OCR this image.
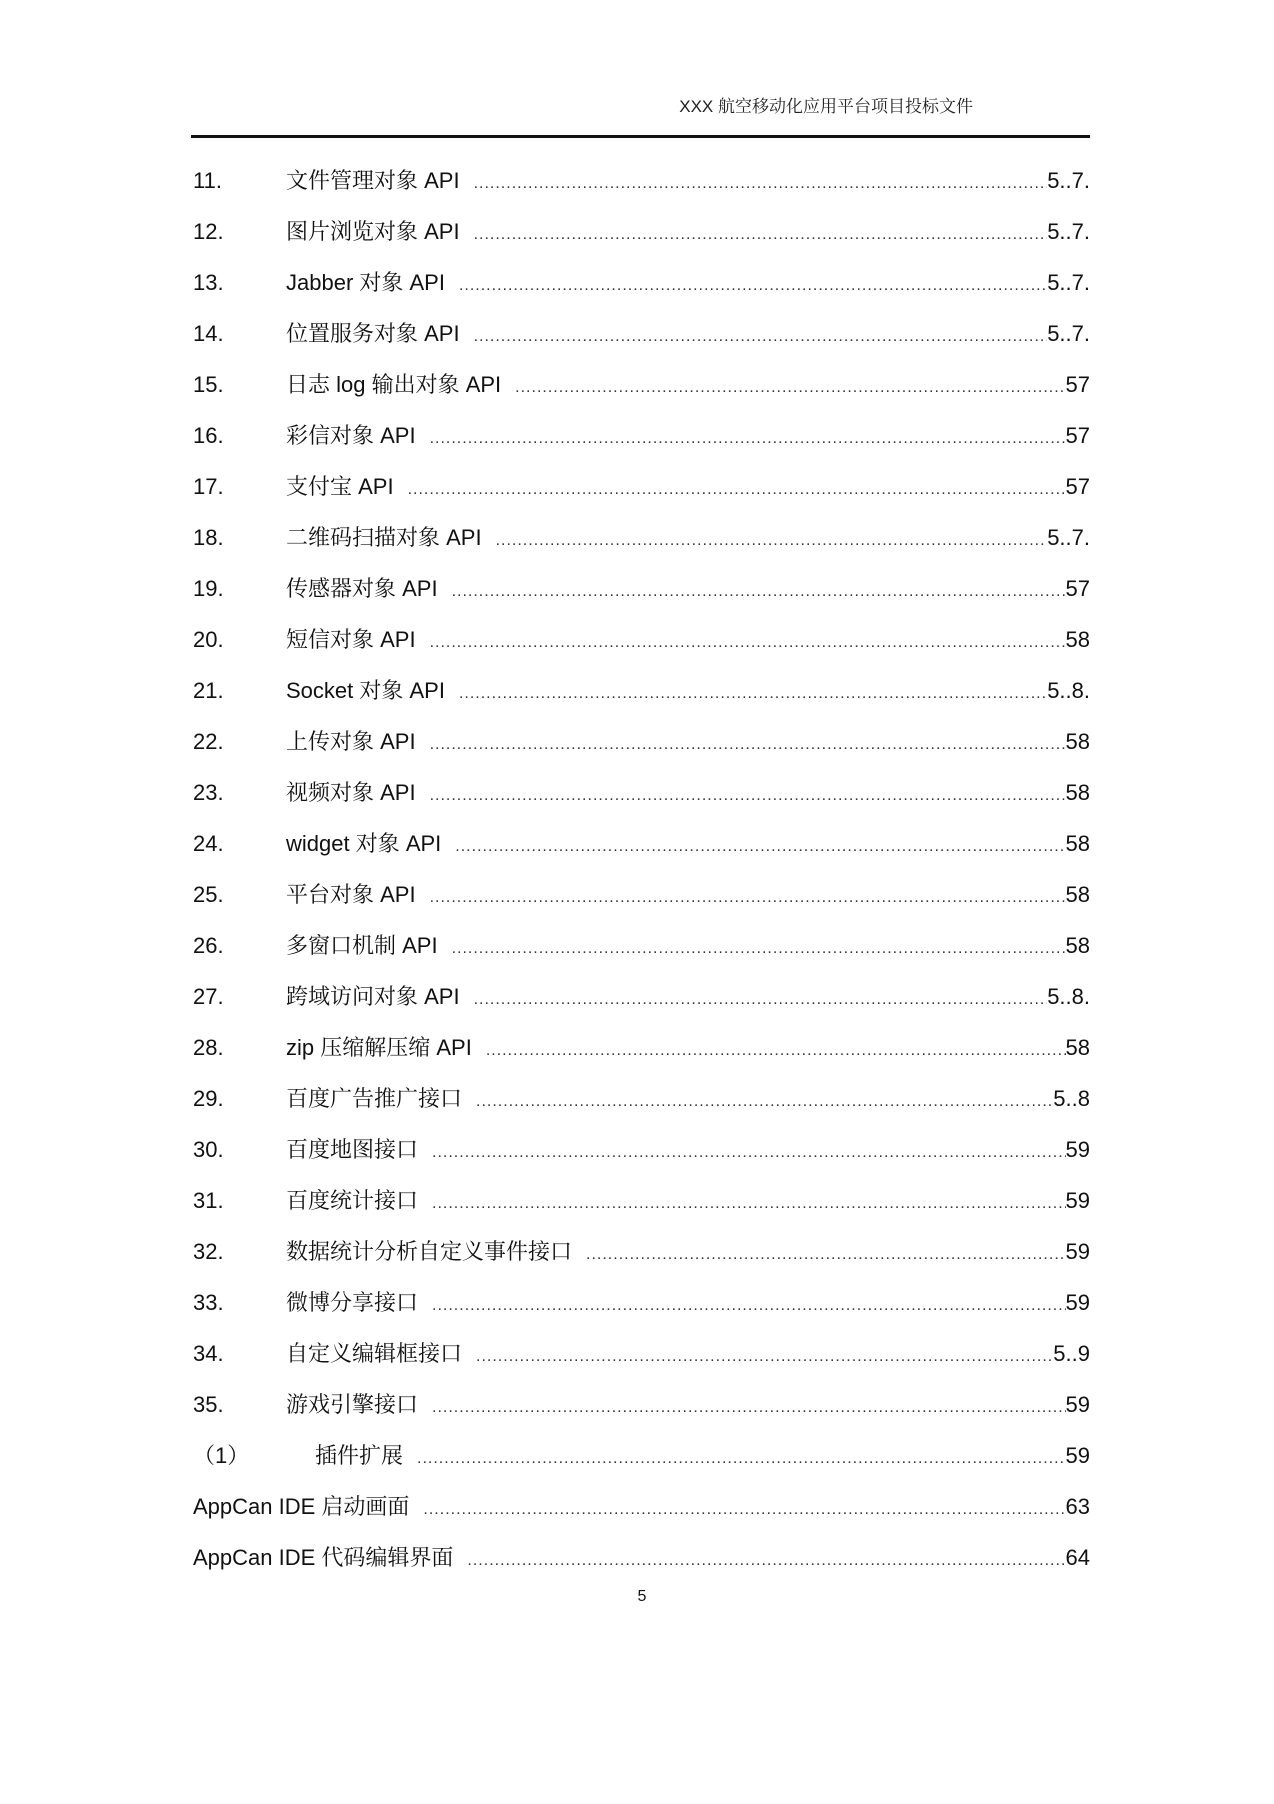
XXX 航空移动化应用平台项目投标文件
11.	文件管理对象 API .....	5..7.
12.	图片浏览对象 API .....	5..7.
13.	Jabber 对象 API .....	5..7.
14.	位置服务对象 API .....	5..7.
15.	日志 log 输出对象 API .....	57
16.	彩信对象 API .....	57
17.	支付宝 API .....	57
18.	二维码扫描对象 API .....	5..7.
19.	传感器对象 API .....	57
20.	短信对象 API .....	58
21.	Socket 对象 API .....	5..8.
22.	上传对象 API .....	58
23.	视频对象 API .....	58
24.	widget 对象 API .....	58
25.	平台对象 API .....	58
26.	多窗口机制 API .....	58
27.	跨域访问对象 API .....	5..8.
28.	zip 压缩解压缩 API .....	58
29.	百度广告推广接口 .....	5..8
30.	百度地图接口 .....	59
31.	百度统计接口 .....	59
32.	数据统计分析自定义事件接口 .....	59
33.	微博分享接口 .....	59
34.	自定义编辑框接口 .....	5..9
35.	游戏引擎接口 .....	59
（1）	插件扩展 .....	59
AppCan IDE 启动画面 .....	63
AppCan IDE 代码编辑界面 .....	64
5
